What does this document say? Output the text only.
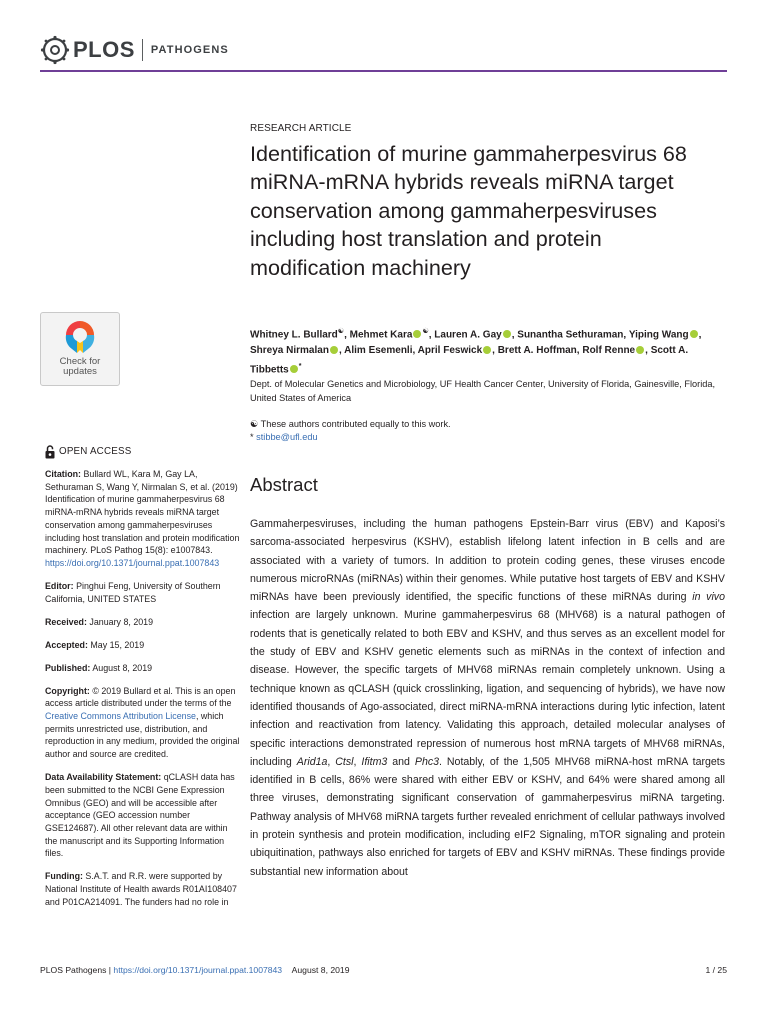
PLOS PATHOGENS
Check for
updates
OPEN ACCESS

Citation: Bullard WL, Kara M, Gay LA, Sethuraman S, Wang Y, Nirmalan S, et al. (2019) Identification of murine gammaherpesvirus 68 miRNA-mRNA hybrids reveals miRNA target conservation among gammaherpesviruses including host translation and protein modification machinery. PLoS Pathog 15(8): e1007843. https://doi.org/10.1371/journal.ppat.1007843

Editor: Pinghui Feng, University of Southern California, UNITED STATES

Received: January 8, 2019

Accepted: May 15, 2019

Published: August 8, 2019

Copyright: © 2019 Bullard et al. This is an open access article distributed under the terms of the Creative Commons Attribution License, which permits unrestricted use, distribution, and reproduction in any medium, provided the original author and source are credited.

Data Availability Statement: qCLASH data has been submitted to the NCBI Gene Expression Omnibus (GEO) and will be accessible after acceptance (GEO accession number GSE124687). All other relevant data are within the manuscript and its Supporting Information files.

Funding: S.A.T. and R.R. were supported by National Institute of Health awards R01AI108407 and P01CA214091. The funders had no role in

RESEARCH ARTICLE
Identification of murine gammaherpesvirus 68 miRNA-mRNA hybrids reveals miRNA target conservation among gammaherpesviruses including host translation and protein modification machinery
Whitney L. Bullard☯, Mehmet Kara ☯, Lauren A. Gay , Sunantha Sethuraman, Yiping Wang , Shreya Nirmalan , Alim Esemenli, April Feswick , Brett A. Hoffman, Rolf Renne , Scott A. Tibbetts *
Dept. of Molecular Genetics and Microbiology, UF Health Cancer Center, University of Florida, Gainesville, Florida, United States of America
☯ These authors contributed equally to this work.
* stibbe@ufl.edu
Abstract

Gammaherpesviruses, including the human pathogens Epstein-Barr virus (EBV) and Kaposi’s sarcoma-associated herpesvirus (KSHV), establish lifelong latent infection in B cells and are associated with a variety of tumors. In addition to protein coding genes, these viruses encode numerous microRNAs (miRNAs) within their genomes. While putative host targets of EBV and KSHV miRNAs have been previously identified, the specific functions of these miRNAs during in vivo infection are largely unknown. Murine gammaherpesvirus 68 (MHV68) is a natural pathogen of rodents that is genetically related to both EBV and KSHV, and thus serves as an excellent model for the study of EBV and KSHV genetic elements such as miRNAs in the context of infection and disease. However, the specific targets of MHV68 miRNAs remain completely unknown. Using a technique known as qCLASH (quick crosslinking, ligation, and sequencing of hybrids), we have now identified thousands of Ago-associated, direct miRNA-mRNA interactions during lytic infection, latent infection and reactivation from latency. Validating this approach, detailed molecular analyses of specific interactions demonstrated repression of numerous host mRNA targets of MHV68 miRNAs, including Arid1a, Ctsl, Ifitm3 and Phc3. Notably, of the 1,505 MHV68 miRNA-host mRNA targets identified in B cells, 86% were shared with either EBV or KSHV, and 64% were shared among all three viruses, demonstrating significant conservation of gammaherpesvirus miRNA targeting. Pathway analysis of MHV68 miRNA targets further revealed enrichment of cellular pathways involved in protein synthesis and protein modification, including eIF2 Signaling, mTOR signaling and protein ubiquitination, pathways also enriched for targets of EBV and KSHV miRNAs. These findings provide substantial new information about

PLOS Pathogens | https://doi.org/10.1371/journal.ppat.1007843 August 8, 2019	1 / 25
